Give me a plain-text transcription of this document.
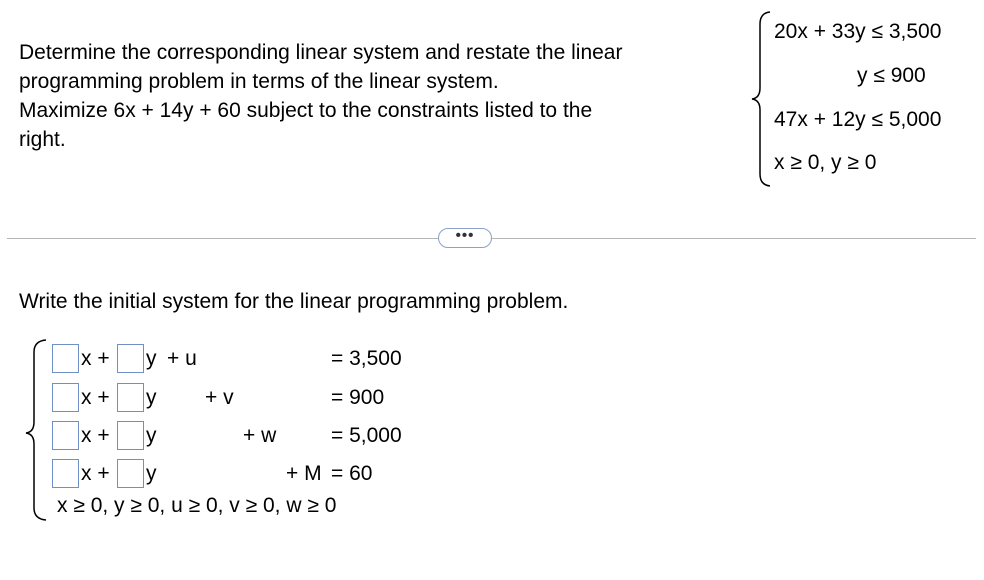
Determine the corresponding linear system and restate the linear
programming problem in terms of the linear system.
Maximize 6x + 14y + 60 subject to the constraints listed to the
right.
20x + 33y ≤ 3,500
y ≤ 900
47x + 12y ≤ 5,000
x ≥ 0, y ≥ 0
•••
Write the initial system for the linear programming problem.
x + y + u	= 3,500
x + y + v	= 900
x + y	+ w	= 5,000
x + y	+ M = 60
x ≥ 0, y ≥ 0, u ≥ 0, v ≥ 0, w ≥ 0
